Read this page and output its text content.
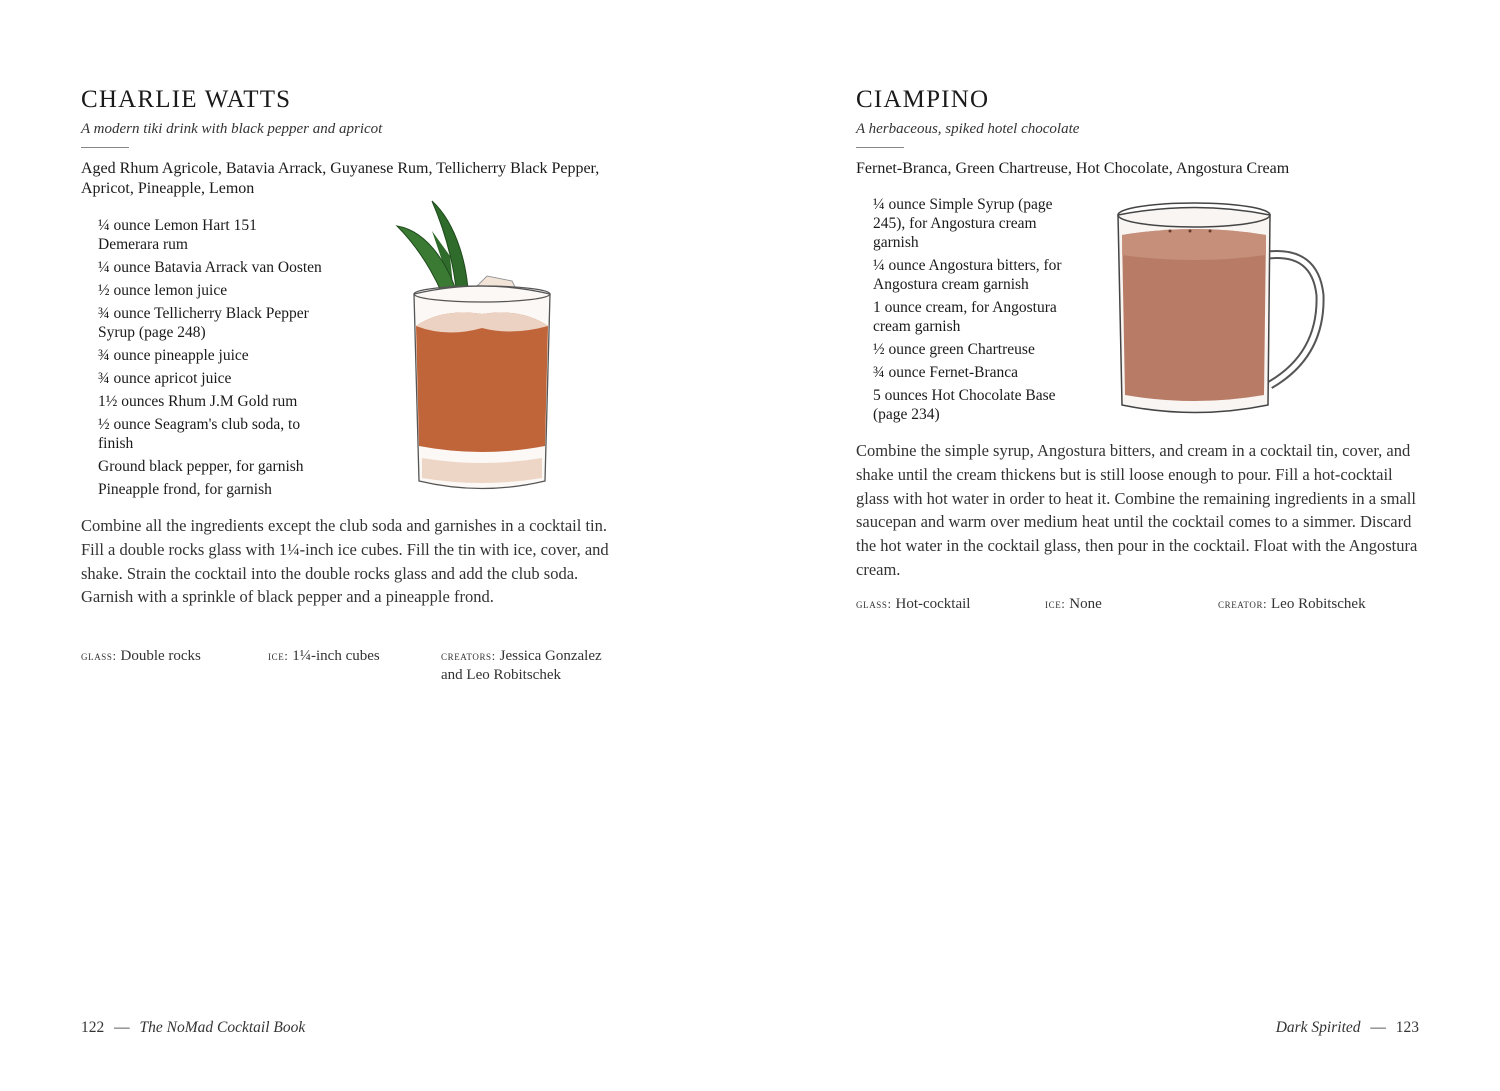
CHARLIE WATTS
A modern tiki drink with black pepper and apricot
Aged Rhum Agricole, Batavia Arrack, Guyanese Rum, Tellicherry Black Pepper, Apricot, Pineapple, Lemon
¼ ounce Lemon Hart 151 Demerara rum
¼ ounce Batavia Arrack van Oosten
½ ounce lemon juice
¾ ounce Tellicherry Black Pepper Syrup (page 248)
¾ ounce pineapple juice
¾ ounce apricot juice
1½ ounces Rhum J.M Gold rum
½ ounce Seagram's club soda, to finish
Ground black pepper, for garnish
Pineapple frond, for garnish
Combine all the ingredients except the club soda and garnishes in a cocktail tin. Fill a double rocks glass with 1¼-inch ice cubes. Fill the tin with ice, cover, and shake. Strain the cocktail into the double rocks glass and add the club soda. Garnish with a sprinkle of black pepper and a pineapple frond.
glass: Double rocks	ice: 1¼-inch cubes	creators: Jessica Gonzalez and Leo Robitschek
122 — The NoMad Cocktail Book
CIAMPINO
A herbaceous, spiked hotel chocolate
Fernet-Branca, Green Chartreuse, Hot Chocolate, Angostura Cream
¼ ounce Simple Syrup (page 245), for Angostura cream garnish
¼ ounce Angostura bitters, for Angostura cream garnish
1 ounce cream, for Angostura cream garnish
½ ounce green Chartreuse
¾ ounce Fernet-Branca
5 ounces Hot Chocolate Base (page 234)
Combine the simple syrup, Angostura bitters, and cream in a cocktail tin, cover, and shake until the cream thickens but is still loose enough to pour. Fill a hot-cocktail glass with hot water in order to heat it. Combine the remaining ingredients in a small saucepan and warm over medium heat until the cocktail comes to a simmer. Discard the hot water in the cocktail glass, then pour in the cocktail. Float with the Angostura cream.
glass: Hot-cocktail	ice: None	creator: Leo Robitschek
Dark Spirited — 123
